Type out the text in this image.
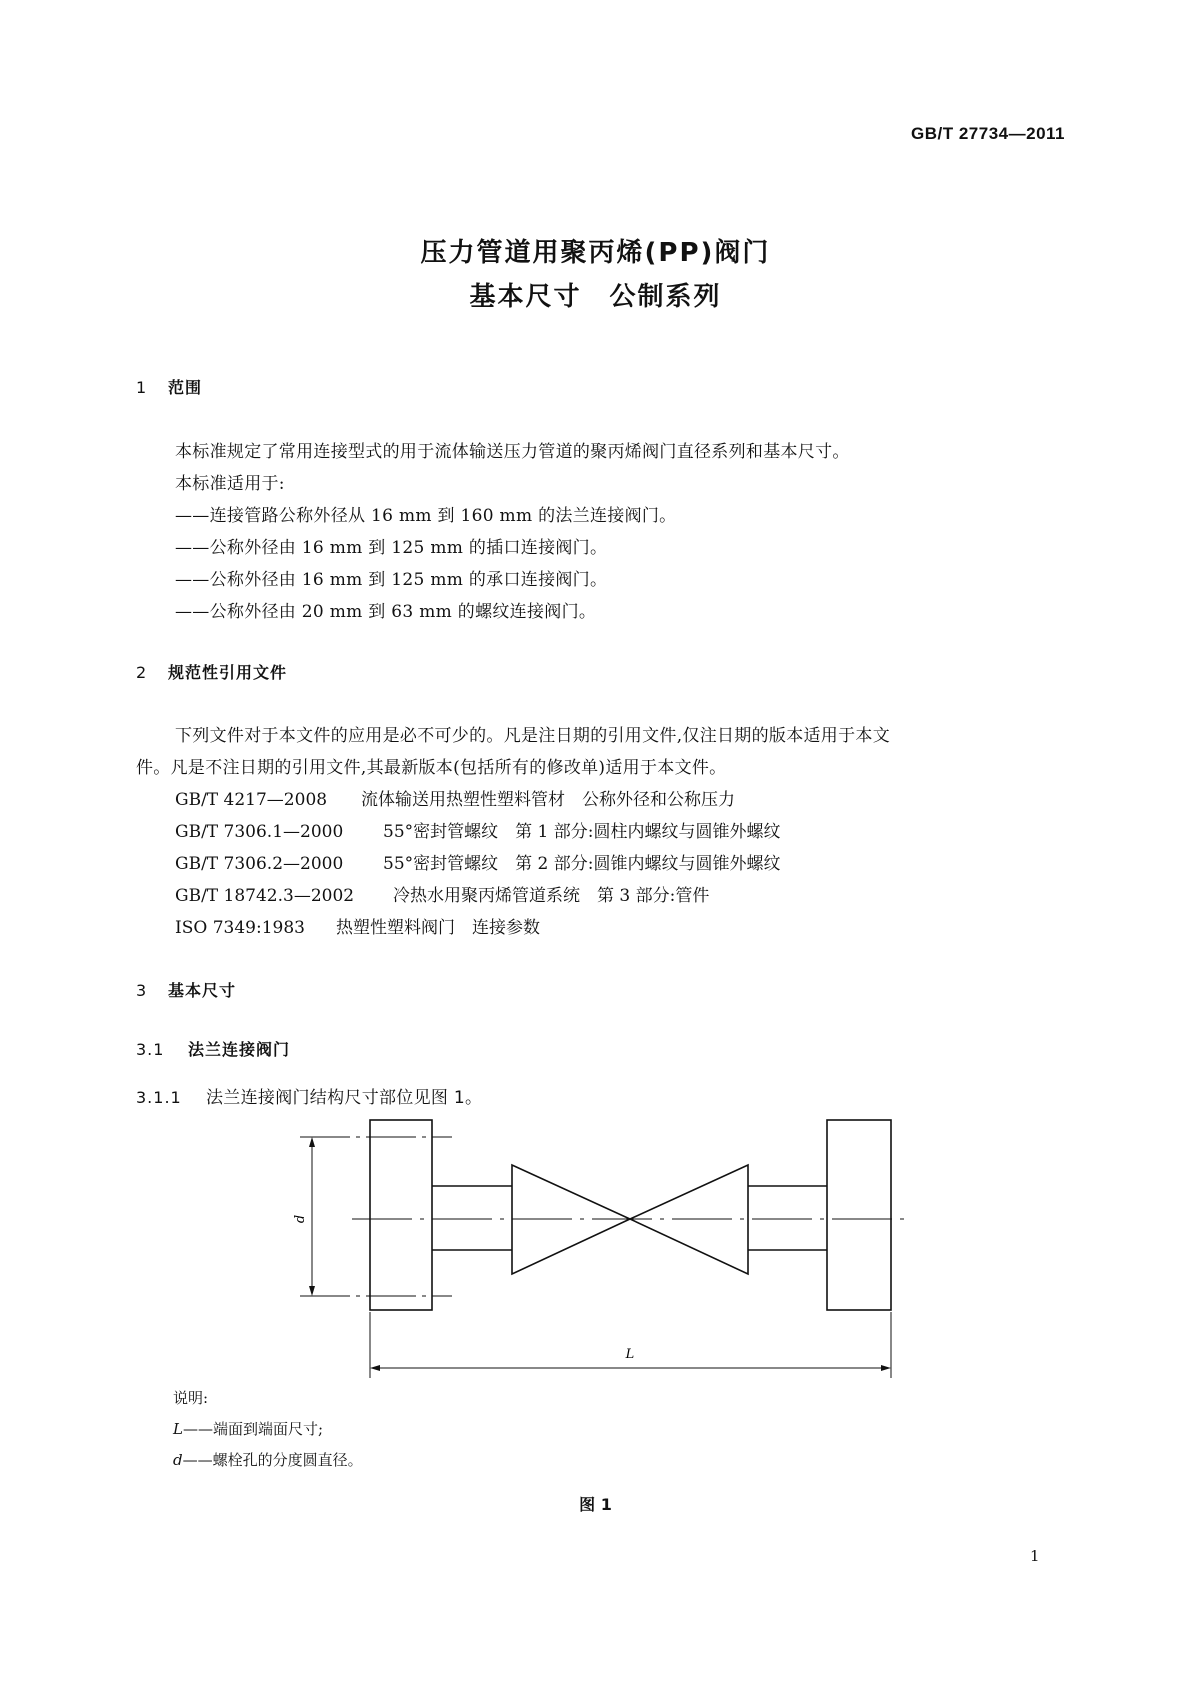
GB/T 27734—2011
压力管道用聚丙烯(PP)阀门
基本尺寸　公制系列
1 范围
本标准规定了常用连接型式的用于流体输送压力管道的聚丙烯阀门直径系列和基本尺寸。
本标准适用于:
——连接管路公称外径从 16 mm 到 160 mm 的法兰连接阀门。
——公称外径由 16 mm 到 125 mm 的插口连接阀门。
——公称外径由 16 mm 到 125 mm 的承口连接阀门。
——公称外径由 20 mm 到 63 mm 的螺纹连接阀门。
2 规范性引用文件
下列文件对于本文件的应用是必不可少的。凡是注日期的引用文件,仅注日期的版本适用于本文
件。凡是不注日期的引用文件,其最新版本(包括所有的修改单)适用于本文件。
GB/T 4217—2008 流体输送用热塑性塑料管材　公称外径和公称压力
GB/T 7306.1—2000 55°密封管螺纹　第 1 部分:圆柱内螺纹与圆锥外螺纹
GB/T 7306.2—2000 55°密封管螺纹　第 2 部分:圆锥内螺纹与圆锥外螺纹
GB/T 18742.3—2002 冷热水用聚丙烯管道系统　第 3 部分:管件
ISO 7349:1983 热塑性塑料阀门　连接参数
3 基本尺寸
3.1 法兰连接阀门
3.1.1 法兰连接阀门结构尺寸部位见图 1。
d
L
说明:
L——端面到端面尺寸;
d——螺栓孔的分度圆直径。
图 1
1
